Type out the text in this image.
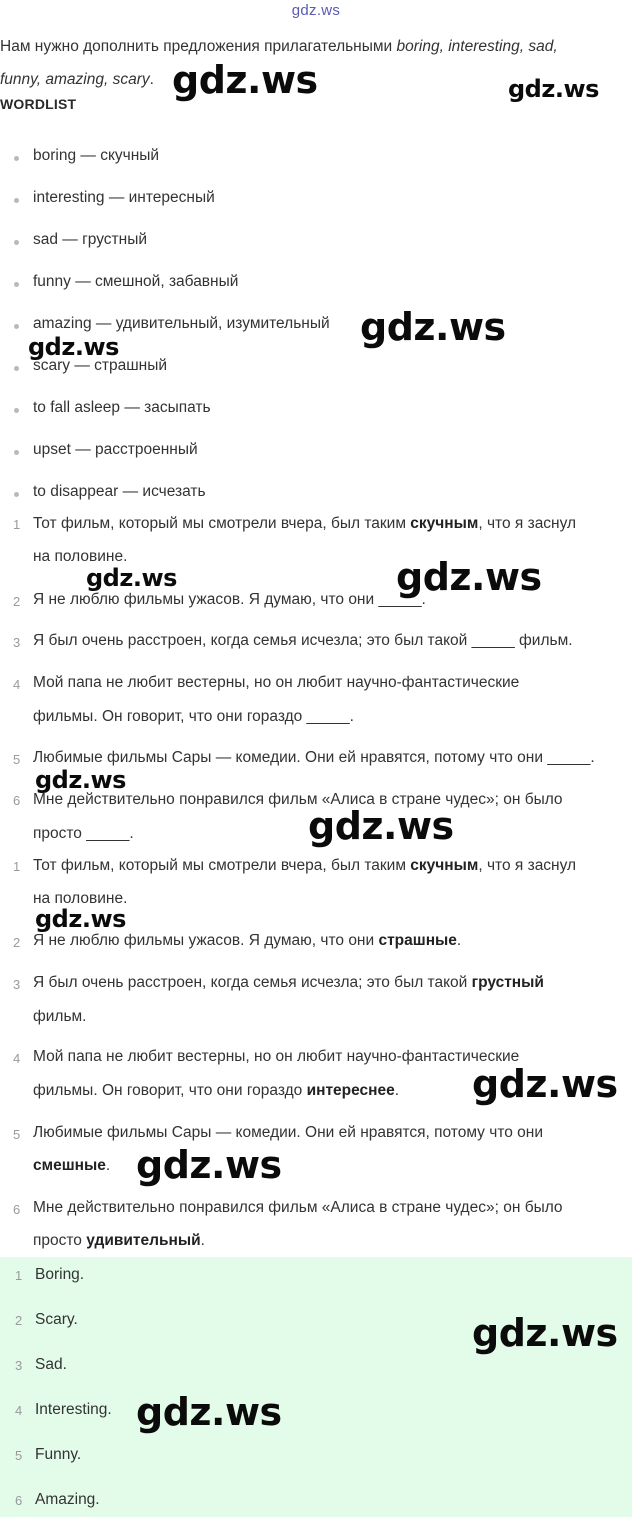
gdz.ws
Нам нужно дополнить предложения прилагательными boring, interesting, sad,
funny, amazing, scary.
WORDLIST
boring — скучный
interesting — интересный
sad — грустный
funny — смешной, забавный
amazing — удивительный, изумительный
scary — страшный
to fall asleep — засыпать
upset — расстроенный
to disappear — исчезать
1 Тот фильм, который мы смотрели вчера, был таким скучным, что я заснул
на половине.
2 Я не люблю фильмы ужасов. Я думаю, что они _____.
3 Я был очень расстроен, когда семья исчезла; это был такой _____ фильм.
4 Мой папа не любит вестерны, но он любит научно-фантастические
фильмы. Он говорит, что они гораздо _____.
5 Любимые фильмы Сары — комедии. Они ей нравятся, потому что они _____.
6 Мне действительно понравился фильм «Алиса в стране чудес»; он было
просто _____.
1 Тот фильм, который мы смотрели вчера, был таким скучным, что я заснул
на половине.
2 Я не люблю фильмы ужасов. Я думаю, что они страшные.
3 Я был очень расстроен, когда семья исчезла; это был такой грустный
фильм.
4 Мой папа не любит вестерны, но он любит научно-фантастические
фильмы. Он говорит, что они гораздо интереснее.
5 Любимые фильмы Сары — комедии. Они ей нравятся, потому что они
смешные.
6 Мне действительно понравился фильм «Алиса в стране чудес»; он было
просто удивительный.
1 Boring.
2 Scary.
3 Sad.
4 Interesting.
5 Funny.
6 Amazing.
gdz.ws	gdz.ws
gdz.ws
gdz.ws
gdz.ws	gdz.ws
gdz.ws
gdz.ws
gdz.ws
gdz.ws
gdz.ws
gdz.ws
gdz.ws
